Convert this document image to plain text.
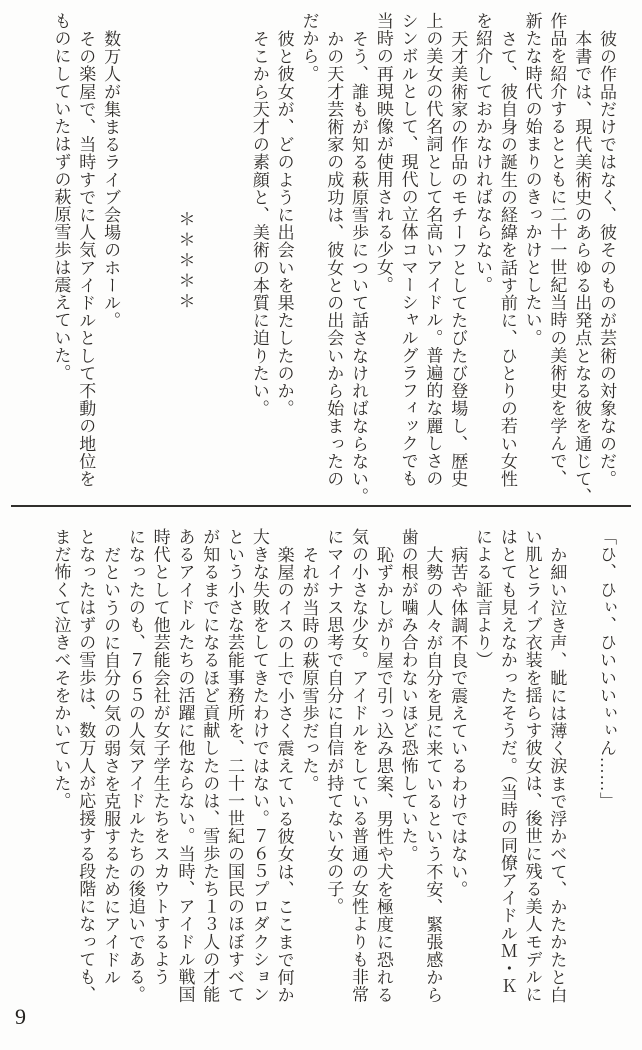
彼の作品だけではなく、彼そのものが芸術の対象なのだ。

本書では、現代美術史のあらゆる出発点となる彼を通じて、

作品を紹介するとともに二十一世紀当時の美術史を学んで、

新たな時代の始まりのきっかけとしたい。

さて、彼自身の誕生の経緯を話す前に、ひとりの若い女性

を紹介しておかなければならない。

天才美術家の作品のモチーフとしてたびたび登場し、歴史

上の美女の代名詞として名高いアイドル。普遍的な麗しさの

シンボルとして、現代の立体コマーシャルグラフィックでも

当時の再現映像が使用される少女。

そう、誰もが知る萩原雪歩について話さなければならない。

かの天才芸術家の成功は、彼女との出会いから始まったの

だから。

彼と彼女が、どのように出会いを果たしたのか。

そこから天才の素顔と、美術の本質に迫りたい。

＊＊＊＊＊

数万人が集まるライブ会場のホール。

その楽屋で、当時すでに人気アイドルとして不動の地位を

ものにしていたはずの萩原雪歩は震えていた。

「ひ、ひぃ、ひいいいぃぃん……」

か細い泣き声、眦には薄く涙まで浮かべて、かたかたと白

い肌とライブ衣装を揺らす彼女は、後世に残る美人モデルに

はとても見えなかったそうだ。（当時の同僚アイドルＭ・Ｋ

による証言より）

病苦や体調不良で震えているわけではない。

大勢の人々が自分を見に来ているという不安、緊張感から

歯の根が噛み合わないほど恐怖していた。

恥ずかしがり屋で引っ込み思案、男性や犬を極度に恐れる

気の小さな少女。アイドルをしている普通の女性よりも非常

にマイナス思考で自分に自信が持てない女の子。

それが当時の萩原雪歩だった。

楽屋のイスの上で小さく震えている彼女は、ここまで何か

大きな失敗をしてきたわけではない。７６５プロダクション

という小さな芸能事務所を、二十一世紀の国民のほぼすべて

が知るまでになるほど貢献したのは、雪歩たち１３人の才能

あるアイドルたちの活躍に他ならない。当時、アイドル戦国

時代として他芸能会社が女子学生たちをスカウトするよう

になったのも、７６５の人気アイドルたちの後追いである。

だというのに自分の気の弱さを克服するためにアイドル

となったはずの雪歩は、数万人が応援する段階になっても、

まだ怖くて泣きべそをかいていた。

9
